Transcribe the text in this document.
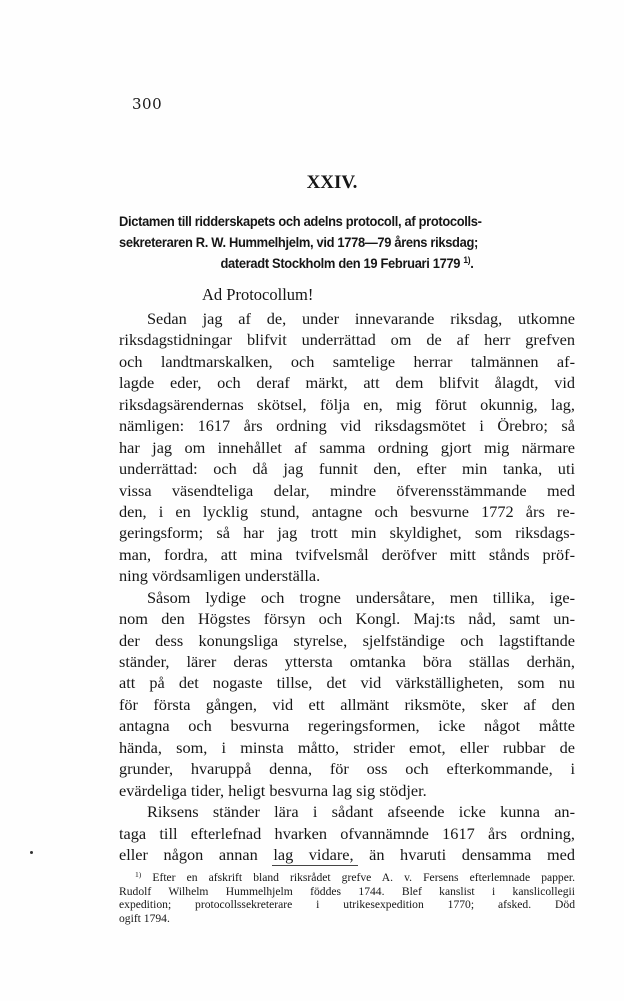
300
XXIV.
Dictamen till ridderskapets och adelns protocoll, af protocolls-
sekreteraren R. W. Hummelhjelm, vid 1778—79 årens riksdag;
dateradt Stockholm den 19 Februari 1779 $^{1)}$.
Ad Protocollum!
Sedan jag af de, under innevarande riksdag, utkomne
riksdagstidningar blifvit underrättad om de af herr grefven
och landtmarskalken, och samtelige herrar talmännen af-
lagde eder, och deraf märkt, att dem blifvit ålagdt, vid
riksdagsärendernas skötsel, följa en, mig förut okunnig, lag,
nämligen: 1617 års ordning vid riksdagsmötet i Örebro; så
har jag om innehållet af samma ordning gjort mig närmare
underrättad: och då jag funnit den, efter min tanka, uti
vissa väsendteliga delar, mindre öfverensstämmande med
den, i en lycklig stund, antagne och besvurne 1772 års re-
geringsform; så har jag trott min skyldighet, som riksdags-
man, fordra, att mina tvifvelsmål deröfver mitt stånds pröf-
ning vördsamligen underställa.
Såsom lydige och trogne undersåtare, men tillika, ige-
nom den Högstes försyn och Kongl. Maj:ts nåd, samt un-
der dess konungsliga styrelse, sjelfständige och lagstiftande
ständer, lärer deras yttersta omtanka böra ställas derhän,
att på det nogaste tillse, det vid värkställigheten, som nu
för första gången, vid ett allmänt riksmöte, sker af den
antagna och besvurna regeringsformen, icke något måtte
hända, som, i minsta måtto, strider emot, eller rubbar de
grunder, hvaruppå denna, för oss och efterkommande, i
evärdeliga tider, heligt besvurna lag sig stödjer.
Riksens ständer lära i sådant afseende icke kunna an-
taga till efterlefnad hvarken ofvannämnde 1617 års ordning,
eller någon annan lag vidare, än hvaruti densamma med
$^{1)}$ Efter en afskrift bland riksrådet grefve A. v. Fersens efterlemnade papper.
Rudolf Wilhelm Hummelhjelm föddes 1744. Blef kanslist i kanslicollegii
expedition; protocollssekreterare i utrikesexpedition 1770; afsked. Död
ogift 1794.
